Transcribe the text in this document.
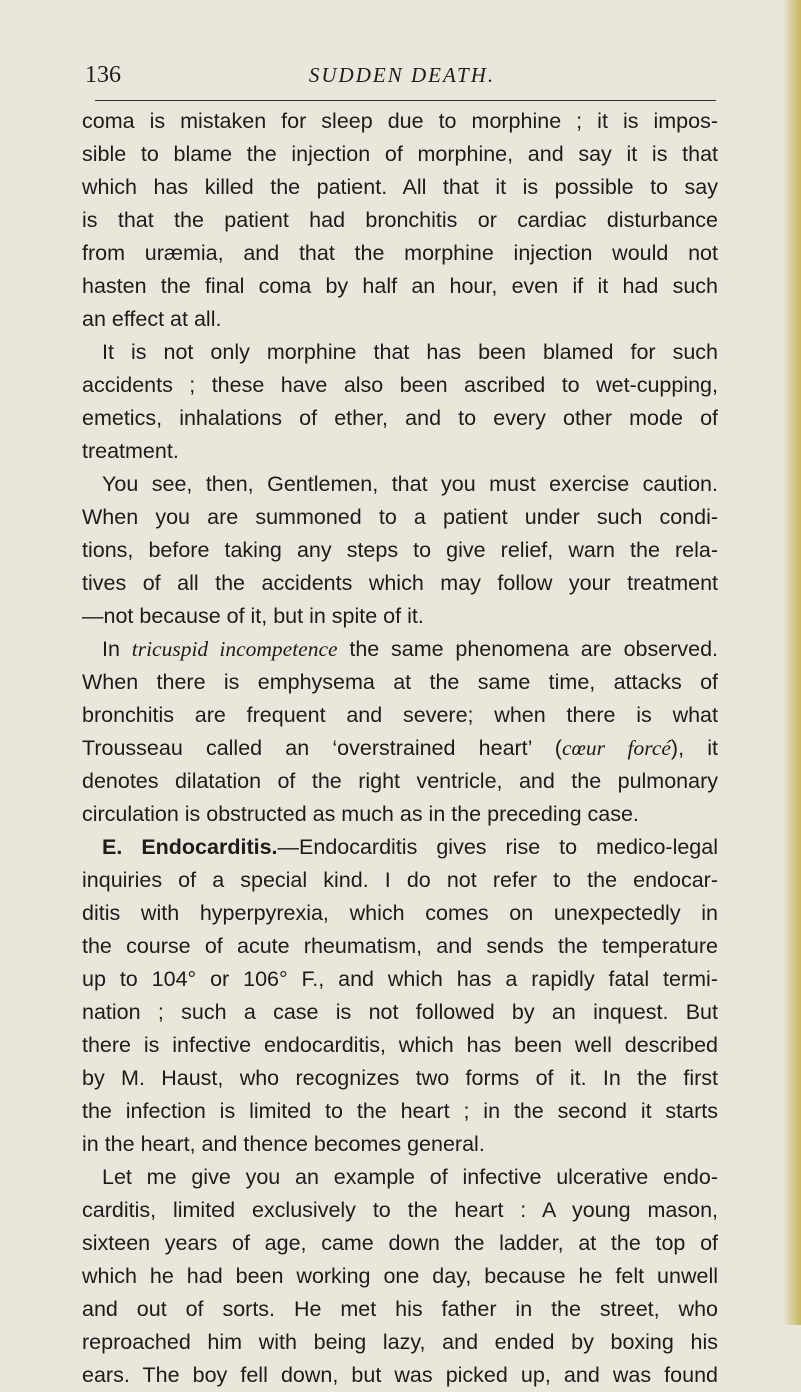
136	SUDDEN DEATH.
coma is mistaken for sleep due to morphine ; it is impos-
sible to blame the injection of morphine, and say it is that
which has killed the patient. All that it is possible to say
is that the patient had bronchitis or cardiac disturbance
from uræmia, and that the morphine injection would not
hasten the final coma by half an hour, even if it had such
an effect at all.
It is not only morphine that has been blamed for such
accidents ; these have also been ascribed to wet-cupping,
emetics, inhalations of ether, and to every other mode of
treatment.
You see, then, Gentlemen, that you must exercise caution.
When you are summoned to a patient under such condi-
tions, before taking any steps to give relief, warn the rela-
tives of all the accidents which may follow your treatment
—not because of it, but in spite of it.
In tricuspid incompetence the same phenomena are observed.
When there is emphysema at the same time, attacks of
bronchitis are frequent and severe; when there is what
Trousseau called an ‘overstrained heart’ (cœur forcé), it
denotes dilatation of the right ventricle, and the pulmonary
circulation is obstructed as much as in the preceding case.
E. Endocarditis.—Endocarditis gives rise to medico-legal
inquiries of a special kind. I do not refer to the endocar-
ditis with hyperpyrexia, which comes on unexpectedly in
the course of acute rheumatism, and sends the temperature
up to 104° or 106° F., and which has a rapidly fatal termi-
nation ; such a case is not followed by an inquest. But
there is infective endocarditis, which has been well described
by M. Haust, who recognizes two forms of it. In the first
the infection is limited to the heart ; in the second it starts
in the heart, and thence becomes general.
Let me give you an example of infective ulcerative endo-
carditis, limited exclusively to the heart : A young mason,
sixteen years of age, came down the ladder, at the top of
which he had been working one day, because he felt unwell
and out of sorts. He met his father in the street, who
reproached him with being lazy, and ended by boxing his
ears. The boy fell down, but was picked up, and was found
